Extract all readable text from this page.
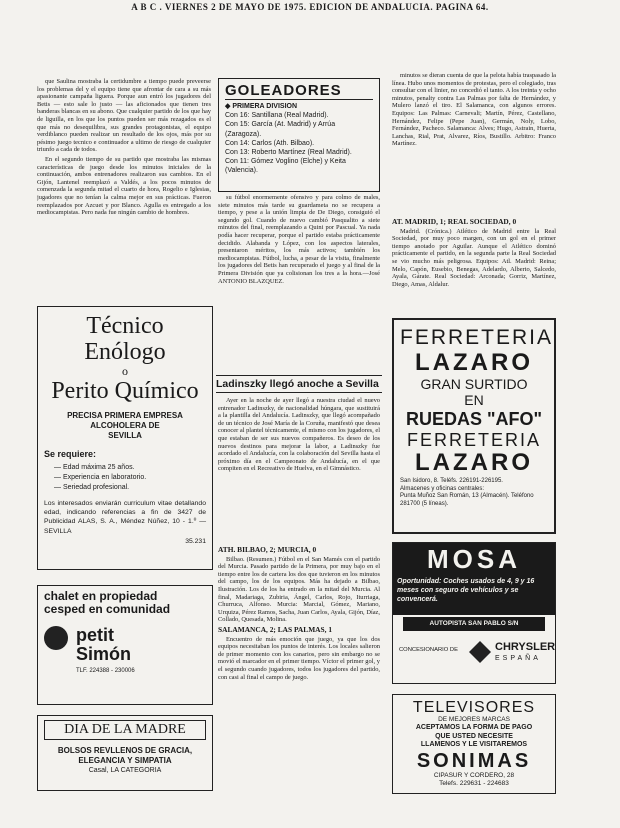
A B C . VIERNES 2 DE MAYO DE 1975. EDICION DE ANDALUCIA. PAGINA 64.

que Saulina mostraba la certidumbre a tiempo puede preveerse los problemas del y el equipo tiene que afrontar de cara a su más apasionante campaña liguera. Porque aun entró los jugadores del Betis — esto sale lo justo — las aficionados que tienen tres banderas blancas en su abono. Que cualquier partido de los que hay de liguilla, en los que los puntos pueden ser más rezagados es el que más no desequilibra, sus grandes protagonistas, el equipo verdiblanco pueden realizar un resultado de los ojos, más por su pésimo juego tecnico e continuador a ultimo de riesgo de cualquier triunfo a cada de todos.

En el segundo tiempo de su partido que mostraba las mismas características de juego desde los minutos iniciales de la continuación, ambos entrenadores realizaron sus cambios. En el Gijón, Lantenel reemplazó a Valdés, a los pocos minutos de comenzada la segunda mitad el cuarto de hora, Rogelio e Iglesias, jugadores que no tenían la calma mejor en sus prácticas. Fueron reemplazados por Azcuet y por Blanco. Agulla es entregado a los mediocampistas. Pero nada fue ningún cambio de hombres.

Técnico Enólogo
o
Perito Químico
PRECISA PRIMERA EMPRESA ALCOHOLERA DE
SEVILLA
Se requiere:
— Edad máxima 25 años.
— Experiencia en laboratorio.
— Seriedad profesional.
Los interesados enviarán curriculum vitae detallando edad, indicando referencias a fin de 3427 de Publicidad ALAS, S. A., Méndez Núñez, 10 - 1.º — SEVILLA
35.231
chalet en propiedad
cesped en comunidad
petit
Simón
TLF. 224388 - 230006
DIA DE LA MADRE
BOLSOS REVLLENOS DE GRACIA,
ELEGANCIA Y SIMPATIA
Casal, LA CATEGORIA
GOLEADORES
◆ PRIMERA DIVISION
Con 16: Santillana (Real Madrid).
Con 15: García (At. Madrid) y Arrúa (Zaragoza).
Con 14: Carlos (Ath. Bilbao).
Con 13: Roberto Martínez (Real Madrid).
Con 11: Gómez Voglino (Elche) y Keita (Valencia).

su fútbol enormemente ofensivo y para colmo de males, siete minutos más tarde su guardameta no se recupera a tiempo, y pese a la unión limpia de De Diego, consiguió el segundo gol. Cuando de nuevo cambió Pasqualito a siete minutos del final, reemplazando a Quini por Pascual. Ya nada podía hacer recuperar, porque el partido estaba prácticamente decidido. Alabanda y López, con los aspectos laterales, presentaron méritos, los más activos; también los mediocampistas. Fútbol, lucha, a pesar de la visita, finalmente los jugadores del Betis han recuperado el juego y al final de la Primera División que ya colisionan los tres a la hora.—José ANTONIO BLAZQUEZ.

Ladinszky llegó anoche a Sevilla

Ayer en la noche de ayer llegó a nuestra ciudad el nuevo entrenador Ladinszky, de nacionalidad húngara, que sustituirá a la plantilla del Andalucía. Ladinszky, que llegó acompañado de un técnico de José María de la Coruña, manifestó que desea conocer al plantel técnicamente, el mismo con los jugadores, el que estaban de ser sus nuevos compañeros. Es deseo de los nuevos destinos para mejorar la labor, a Ladinszky fue acordado el Andalucía, con la colaboración del Sevilla hasta el próximo día en el Campeonato de Andalucía, en el que compiten en el Recreativo de Huelva, en el Gimnástico.

ATH. BILBAO, 2; MURCIA, 0

Bilbao. (Resumen.) Fútbol en el San Mamés con el partido del Murcia. Pasado partido de la Primera, por muy bajo en el tiempo entre los de cartera los dos que tuvieron en los minutos del campo, los de los equipos. Más ha dejado a Bilbao, Ilustración. Los de los ha entrado en la mitad del Murcia. Al final, Madariaga, Zubiria, Ángel, Carlos, Rojo, Iturriaga, Churruca, Alfonso. Murcia: Marcial, Gómez, Mariano, Urquiza, Pérez Ramos, Sacha, Juan Carlos, Ayala, Gijón, Díaz, Collado, Quesada, Molina.

SALAMANCA, 2; LAS PALMAS, 1

Encuentro de más emoción que juego, ya que los dos equipos necesitaban los puntos de interés. Los locales salieron de primer momento con los canarios, pero sin embargo no se movió el marcador en el primer tiempo. Víctor el primer gol, y el segundo cuando jugadores, todos los jugadores del partido, con casi al final el campo de juego.

minutos se dieran cuenta de que la pelota había traspasado la línea. Hubo unos momentos de protestas, pero el colegiado, tras consultar con el linier, no concedió el tanto. A los treinta y ocho minutos, penalty contra Las Palmas por falta de Hernández, y Mulero lanzó el tiro. El Salamanca, con algunos errores. Equipos: Las Palmas: Carnevali; Martín, Pérez, Castellano, Hernández, Felipe (Pepe Juan), Germán, Noly, Lobo, Fernández, Pacheco. Salamanca: Alves; Hugo, Astrain, Huerta, Lanchas, Rial, Prat, Alvarez, Ríos, Bustillo. Arbitro: Franco Martínez.

AT. MADRID, 1; REAL SOCIEDAD, 0

Madrid. (Crónica.) Atlético de Madrid entre la Real Sociedad, por muy poco margen, con un gol en el primer tiempo anotado por Aguilar. Aunque el Atlético dominó prácticamente el partido, en la segunda parte la Real Sociedad se vio mucho más peligrosa. Equipos: Atl. Madrid: Reina; Melo, Capón, Eusebio, Benegas, Adelardo, Alberto, Salcedo, Ayala, Gárate. Real Sociedad: Arconada; Gorriz, Martínez, Diego, Amas, Aldalur.

FERRETERIA
LAZARO
GRAN SURTIDO
EN
RUEDAS "AFO"
FERRETERIA
LAZARO
San Isidoro, 8. Teléfs. 226191-226195.
Almacenes y oficinas centrales:
Punta Muñoz San Román, 13 (Almacén). Teléfono 281700 (5 líneas).
MOSA
Oportunidad: Coches usados de 4, 9 y 16 meses con seguro de vehículos y se convencerá.
AUTOPISTA SAN PABLO S/N
CONCESIONARIO DE	CHRYSLER
ESPAÑA
TELEVISORES
DE MEJORES MARCAS
ACEPTAMOS LA FORMA DE PAGO
QUE USTED NECESITE
LLAMENOS Y LE VISITAREMOS
SONIMAS
CIPASUR Y CORDERO, 28
Telefs. 229631 - 224683
